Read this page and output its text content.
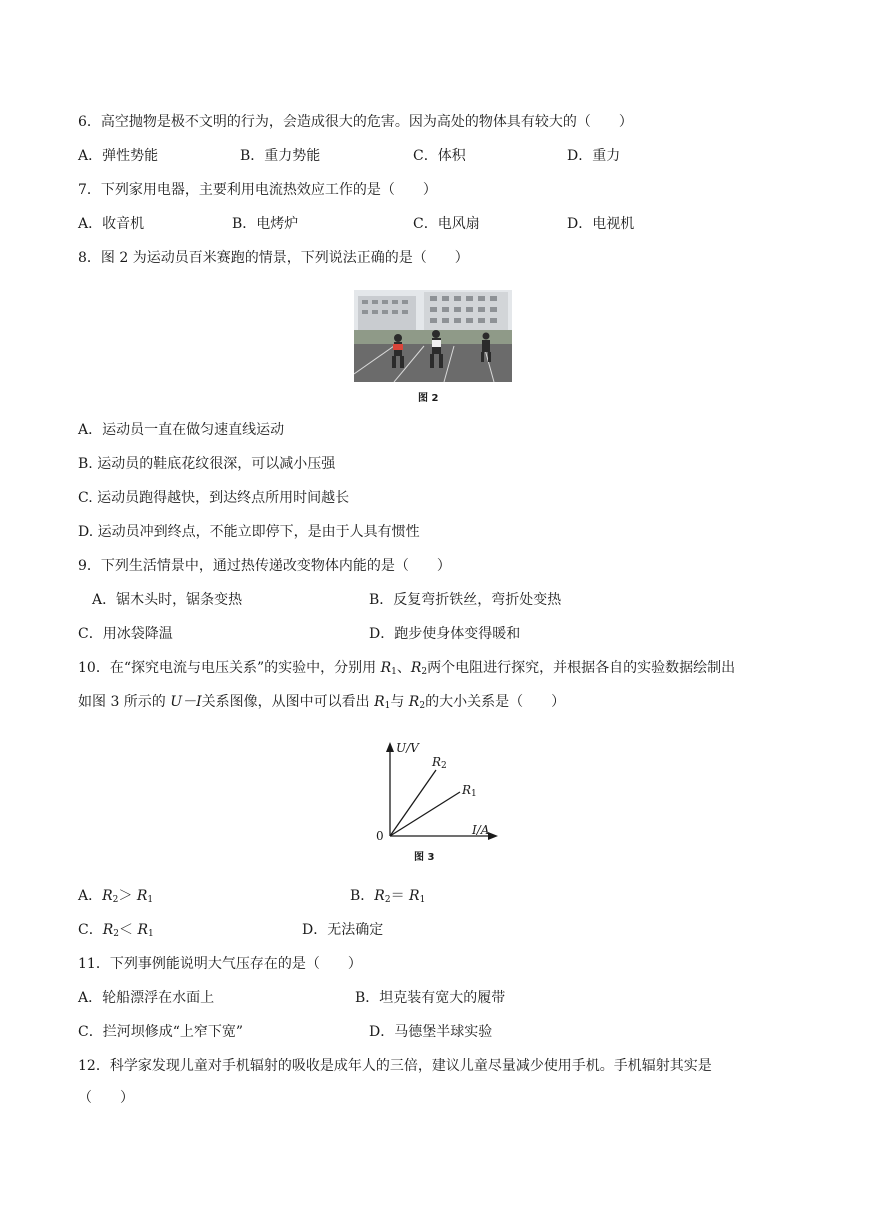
6．高空抛物是极不文明的行为，会造成很大的危害。因为高处的物体具有较大的（　　）
A．弹性势能	B．重力势能	C．体积	D．重力
7．下列家用电器，主要利用电流热效应工作的是（　　）
A．收音机	B．电烤炉	C．电风扇	D．电视机
8．图 2 为运动员百米赛跑的情景，下列说法正确的是（　　）
图 2
A．运动员一直在做匀速直线运动
B. 运动员的鞋底花纹很深，可以减小压强
C. 运动员跑得越快，到达终点所用时间越长
D. 运动员冲到终点，不能立即停下，是由于人具有惯性
9．下列生活情景中，通过热传递改变物体内能的是（　　）
A．锯木头时，锯条变热	B．反复弯折铁丝，弯折处变热
C．用冰袋降温	D．跑步使身体变得暖和
10．在“探究电流与电压关系”的实验中，分别用 $R_1$、$R_2$两个电阻进行探究，并根据各自的实验数据绘制出
如图 3 所示的 U－I关系图像，从图中可以看出 $R_1$与 $R_2$的大小关系是（　　）
U/V
I/A
0
$R_2$
$R_1$
图 3
A．$R_2> R_1$	B．$R_2= R_1$
C．$R_2< R_1$	D．无法确定
11．下列事例能说明大气压存在的是（　　）
A．轮船漂浮在水面上	B．坦克装有宽大的履带
C．拦河坝修成“上窄下宽”	D．马德堡半球实验
12．科学家发现儿童对手机辐射的吸收是成年人的三倍，建议儿童尽量减少使用手机。手机辐射其实是
（　　）
